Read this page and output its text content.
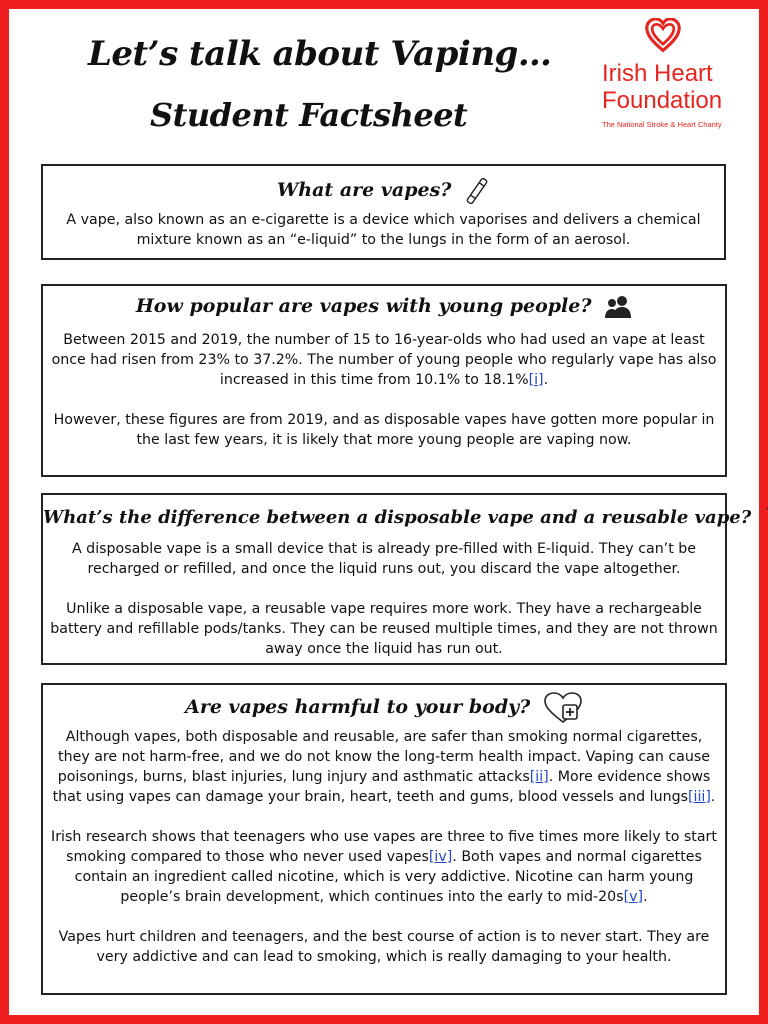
Let’s talk about Vaping…
Student Factsheet
Irish Heart
Foundation
The National Stroke & Heart Charity
What are vapes?

A vape, also known as an e-cigarette is a device which vaporises and delivers a chemical mixture known as an “e-liquid” to the lungs in the form of an aerosol.

How popular are vapes with young people?

Between 2015 and 2019, the number of 15 to 16-year-olds who had used an vape at least once had risen from 23% to 37.2%. The number of young people who regularly vape has also increased in this time from 10.1% to 18.1%[i].

However, these figures are from 2019, and as disposable vapes have gotten more popular in the last few years, it is likely that more young people are vaping now.

What’s the difference between a disposable vape and a reusable vape?

A disposable vape is a small device that is already pre-filled with E-liquid. They can’t be recharged or refilled, and once the liquid runs out, you discard the vape altogether.

Unlike a disposable vape, a reusable vape requires more work. They have a rechargeable battery and refillable pods/tanks. They can be reused multiple times, and they are not thrown away once the liquid has run out.

Are vapes harmful to your body?

Although vapes, both disposable and reusable, are safer than smoking normal cigarettes, they are not harm-free, and we do not know the long-term health impact. Vaping can cause poisonings, burns, blast injuries, lung injury and asthmatic attacks[ii]. More evidence shows that using vapes can damage your brain, heart, teeth and gums, blood vessels and lungs[iii].

Irish research shows that teenagers who use vapes are three to five times more likely to start smoking compared to those who never used vapes[iv]. Both vapes and normal cigarettes contain an ingredient called nicotine, which is very addictive. Nicotine can harm young people’s brain development, which continues into the early to mid-20s[v].

Vapes hurt children and teenagers, and the best course of action is to never start. They are very addictive and can lead to smoking, which is really damaging to your health.
